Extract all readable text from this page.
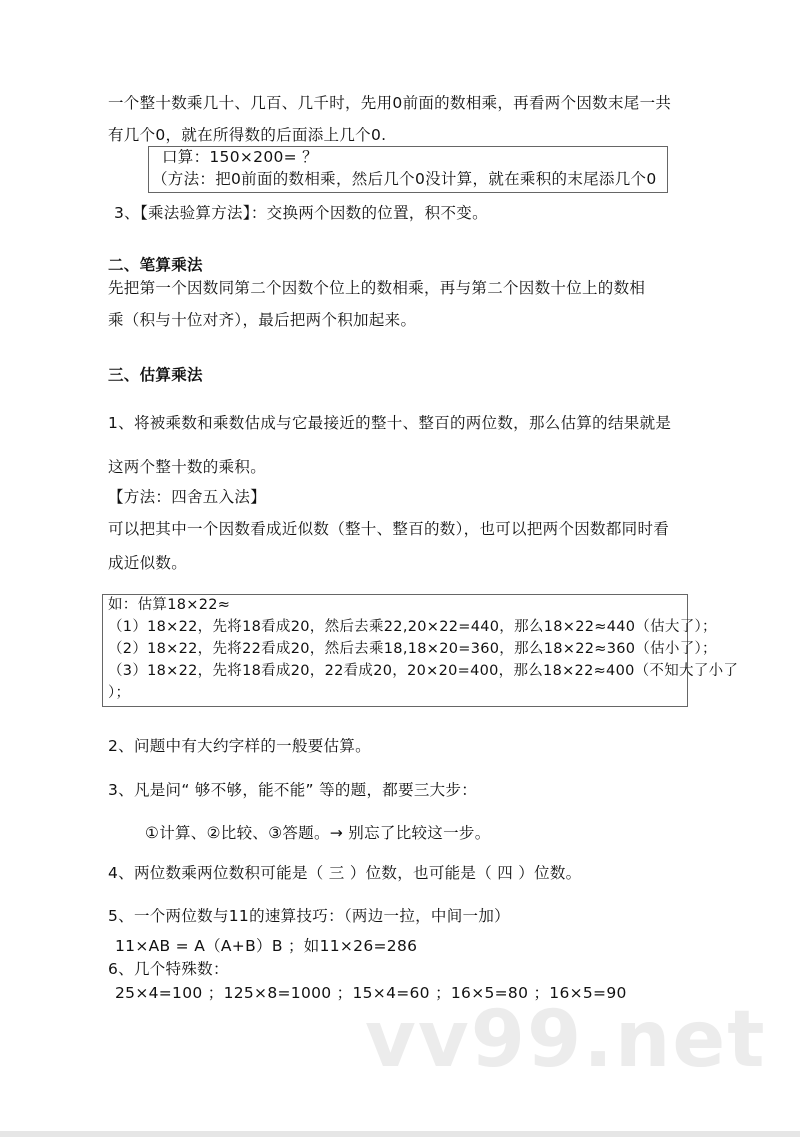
一个整十数乘几十、几百、几千时，先用0前面的数相乘，再看两个因数末尾一共
有几个0，就在所得数的后面添上几个0.
口算：150×200= ？
（方法：把0前面的数相乘，然后几个0没计算，就在乘积的末尾添几个0
3、【乘法验算方法】：交换两个因数的位置，积不变。
二、笔算乘法
先把第一个因数同第二个因数个位上的数相乘，再与第二个因数十位上的数相
乘（积与十位对齐），最后把两个积加起来。
三、估算乘法
1、将被乘数和乘数估成与它最接近的整十、整百的两位数，那么估算的结果就是
这两个整十数的乘积。
【方法：四舍五入法】
可以把其中一个因数看成近似数（整十、整百的数），也可以把两个因数都同时看
成近似数。
如：估算18×22≈
（1）18×22，先将18看成20，然后去乘22,20×22=440，那么18×22≈440（估大了）；
（2）18×22，先将22看成20，然后去乘18,18×20=360，那么18×22≈360（估小了）；
（3）18×22，先将18看成20，22看成20，20×20=400，那么18×22≈400（不知大了小了
）；
2、问题中有大约字样的一般要估算。
3、凡是问“ 够不够，能不能” 等的题，都要三大步：
①计算、②比较、③答题。→ 别忘了比较这一步。
4、两位数乘两位数积可能是（ 三 ）位数，也可能是（ 四 ）位数。
5、一个两位数与11的速算技巧：（两边一拉，中间一加）
11×AB = A（A+B）B ；如11×26=286
6、几个特殊数：
25×4=100 ；125×8=1000 ；15×4=60 ；16×5=80 ；16×5=90
vv99.net
